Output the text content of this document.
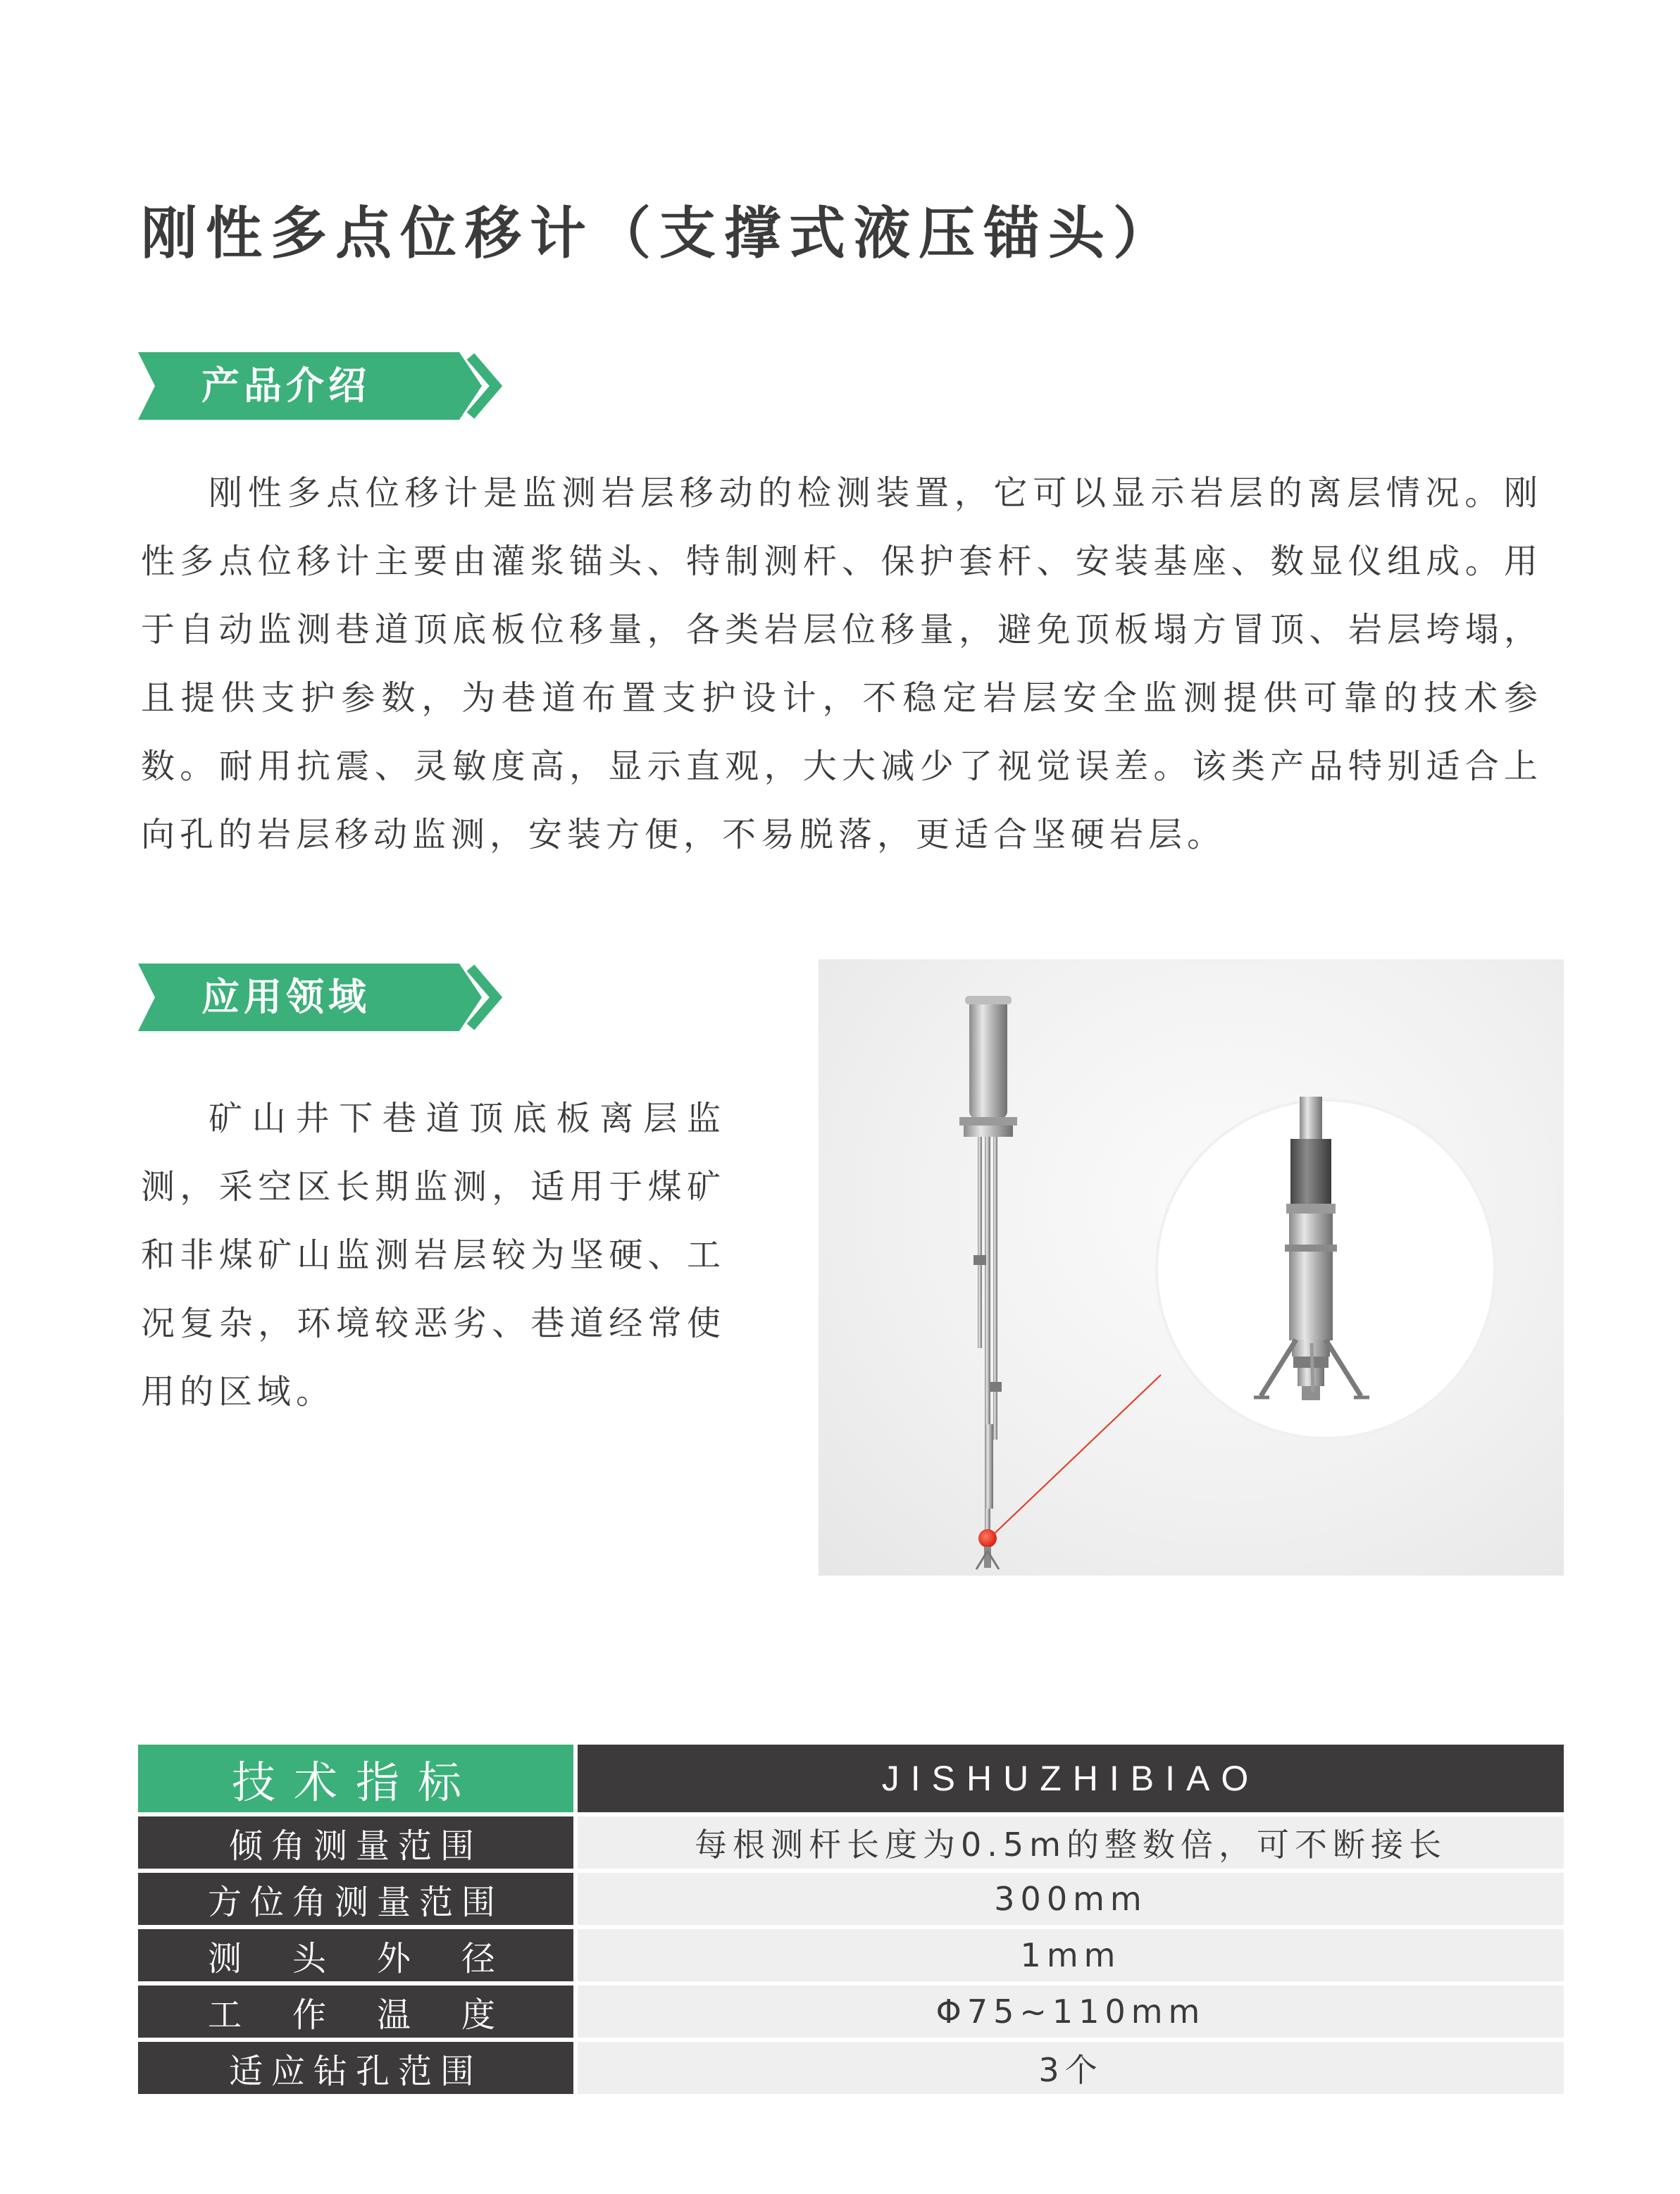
刚性多点位移计（支撑式液压锚头）
产品介绍

刚性多点位移计是监测岩层移动的检测装置，它可以显示岩层的离层情况。刚性多点位移计主要由灌浆锚头、特制测杆、保护套杆、安装基座、数显仪组成。用于自动监测巷道顶底板位移量，各类岩层位移量，避免顶板塌方冒顶、岩层垮塌，且提供支护参数，为巷道布置支护设计，不稳定岩层安全监测提供可靠的技术参数。耐用抗震、灵敏度高，显示直观，大大减少了视觉误差。该类产品特别适合上向孔的岩层移动监测，安装方便，不易脱落，更适合坚硬岩层。

应用领域

矿山井下巷道顶底板离层监测，采空区长期监测，适用于煤矿和非煤矿山监测岩层较为坚硬、工况复杂，环境较恶劣、巷道经常使用的区域。

技术指标	JISHUZHIBIAO
倾角测量范围	每根测杆长度为0.5m的整数倍，可不断接长
方位角测量范围	300mm
测　头　外　径	1mm
工　作　温　度	Φ75~110mm
适应钻孔范围	3个
